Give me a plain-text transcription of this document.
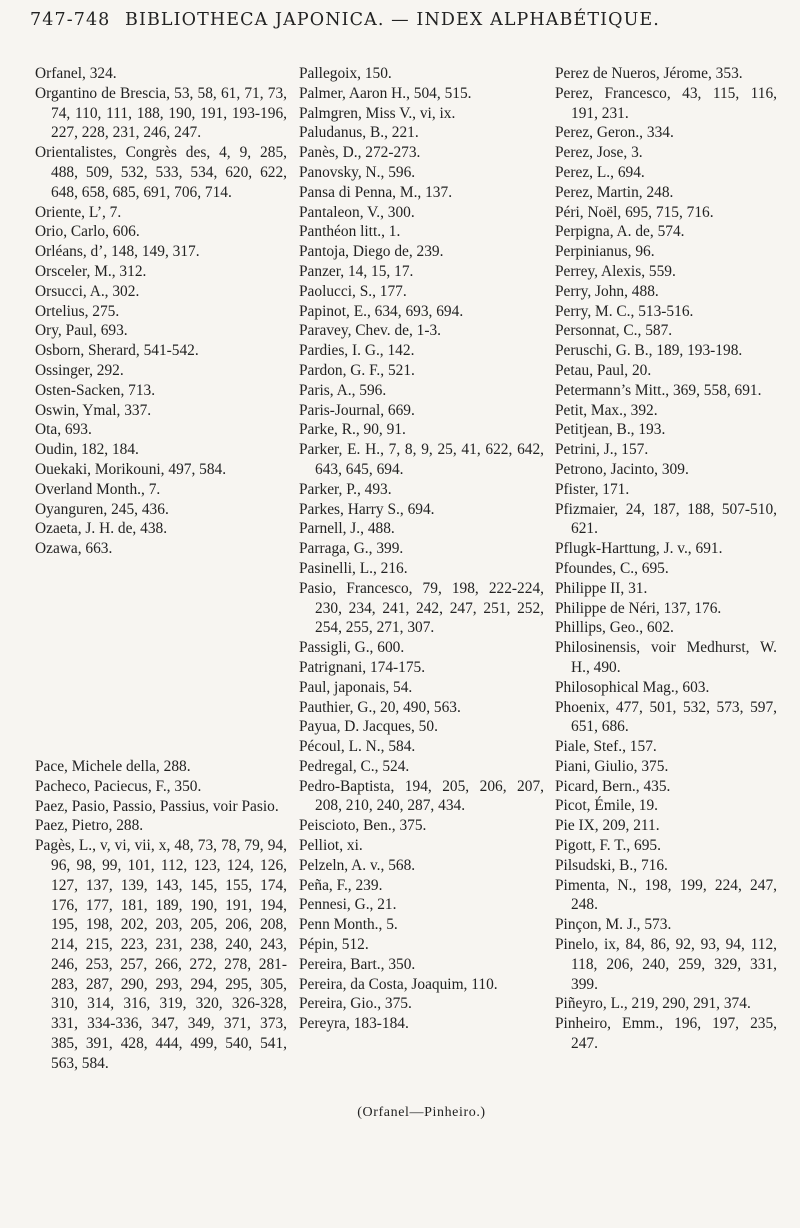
747-748 BIBLIOTHECA JAPONICA. — INDEX ALPHABÉTIQUE.
Orfanel, 324.
Organtino de Brescia, 53, 58, 61, 71, 73, 74, 110, 111, 188, 190, 191, 193-196, 227, 228, 231, 246, 247.
Orientalistes, Congrès des, 4, 9, 285, 488, 509, 532, 533, 534, 620, 622, 648, 658, 685, 691, 706, 714.
Oriente, L’, 7.
Orio, Carlo, 606.
Orléans, d’, 148, 149, 317.
Orsceler, M., 312.
Orsucci, A., 302.
Ortelius, 275.
Ory, Paul, 693.
Osborn, Sherard, 541-542.
Ossinger, 292.
Osten-Sacken, 713.
Oswin, Ymal, 337.
Ota, 693.
Oudin, 182, 184.
Ouekaki, Morikouni, 497, 584.
Overland Month., 7.
Oyanguren, 245, 436.
Ozaeta, J. H. de, 438.
Ozawa, 663.
Pace, Michele della, 288.
Pacheco, Paciecus, F., 350.
Paez, Pasio, Passio, Passius, voir Pasio.
Paez, Pietro, 288.
Pagès, L., v, vi, vii, x, 48, 73, 78, 79, 94, 96, 98, 99, 101, 112, 123, 124, 126, 127, 137, 139, 143, 145, 155, 174, 176, 177, 181, 189, 190, 191, 194, 195, 198, 202, 203, 205, 206, 208, 214, 215, 223, 231, 238, 240, 243, 246, 253, 257, 266, 272, 278, 281-283, 287, 290, 293, 294, 295, 305, 310, 314, 316, 319, 320, 326-328, 331, 334-336, 347, 349, 371, 373, 385, 391, 428, 444, 499, 540, 541, 563, 584.
Pallegoix, 150.
Palmer, Aaron H., 504, 515.
Palmgren, Miss V., vi, ix.
Paludanus, B., 221.
Panès, D., 272-273.
Panovsky, N., 596.
Pansa di Penna, M., 137.
Pantaleon, V., 300.
Panthéon litt., 1.
Pantoja, Diego de, 239.
Panzer, 14, 15, 17.
Paolucci, S., 177.
Papinot, E., 634, 693, 694.
Paravey, Chev. de, 1-3.
Pardies, I. G., 142.
Pardon, G. F., 521.
Paris, A., 596.
Paris-Journal, 669.
Parke, R., 90, 91.
Parker, E. H., 7, 8, 9, 25, 41, 622, 642, 643, 645, 694.
Parker, P., 493.
Parkes, Harry S., 694.
Parnell, J., 488.
Parraga, G., 399.
Pasinelli, L., 216.
Pasio, Francesco, 79, 198, 222-224, 230, 234, 241, 242, 247, 251, 252, 254, 255, 271, 307.
Passigli, G., 600.
Patrignani, 174-175.
Paul, japonais, 54.
Pauthier, G., 20, 490, 563.
Payua, D. Jacques, 50.
Pécoul, L. N., 584.
Pedregal, C., 524.
Pedro-Baptista, 194, 205, 206, 207, 208, 210, 240, 287, 434.
Peiscioto, Ben., 375.
Pelliot, xi.
Pelzeln, A. v., 568.
Peña, F., 239.
Pennesi, G., 21.
Penn Month., 5.
Pépin, 512.
Pereira, Bart., 350.
Pereira, da Costa, Joaquim, 110.
Pereira, Gio., 375.
Pereyra, 183-184.
Perez de Nueros, Jérome, 353.
Perez, Francesco, 43, 115, 116, 191, 231.
Perez, Geron., 334.
Perez, Jose, 3.
Perez, L., 694.
Perez, Martin, 248.
Péri, Noël, 695, 715, 716.
Perpigna, A. de, 574.
Perpinianus, 96.
Perrey, Alexis, 559.
Perry, John, 488.
Perry, M. C., 513-516.
Personnat, C., 587.
Peruschi, G. B., 189, 193-198.
Petau, Paul, 20.
Petermann’s Mitt., 369, 558, 691.
Petit, Max., 392.
Petitjean, B., 193.
Petrini, J., 157.
Petrono, Jacinto, 309.
Pfister, 171.
Pfizmaier, 24, 187, 188, 507-510, 621.
Pflugk-Harttung, J. v., 691.
Pfoundes, C., 695.
Philippe II, 31.
Philippe de Néri, 137, 176.
Phillips, Geo., 602.
Philosinensis, voir Medhurst, W. H., 490.
Philosophical Mag., 603.
Phoenix, 477, 501, 532, 573, 597, 651, 686.
Piale, Stef., 157.
Piani, Giulio, 375.
Picard, Bern., 435.
Picot, Émile, 19.
Pie IX, 209, 211.
Pigott, F. T., 695.
Pilsudski, B., 716.
Pimenta, N., 198, 199, 224, 247, 248.
Pinçon, M. J., 573.
Pinelo, ix, 84, 86, 92, 93, 94, 112, 118, 206, 240, 259, 329, 331, 399.
Piñeyro, L., 219, 290, 291, 374.
Pinheiro, Emm., 196, 197, 235, 247.
(Orfanel—Pinheiro.)
